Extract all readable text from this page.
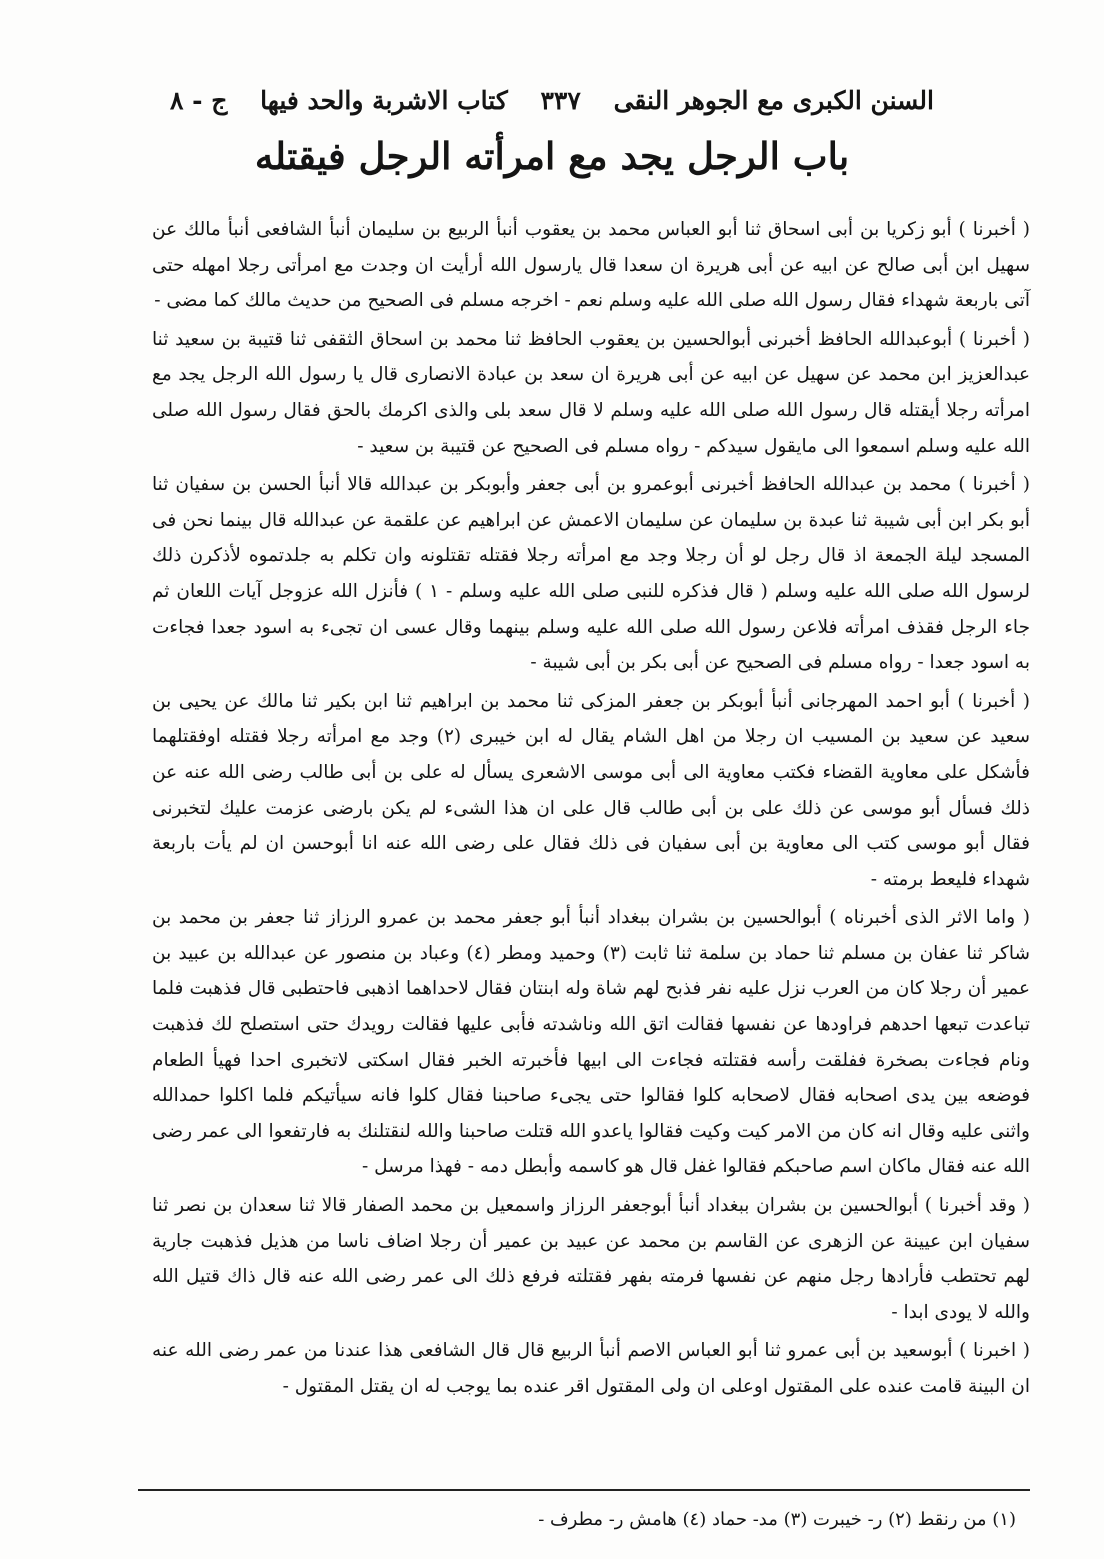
السنن الكبرى مع الجوهر النقى
٣٣٧
كتاب الاشربة والحد فيها
ج - ٨
باب الرجل يجد مع امرأته الرجل فيقتله

( أخبرنا ) أبو زكريا بن أبى اسحاق ثنا أبو العباس محمد بن يعقوب أنبأ الربيع بن سليمان أنبأ الشافعى أنبأ مالك عن سهيل ابن أبى صالح عن ابيه عن أبى هريرة ان سعدا قال يارسول الله أرأيت ان وجدت مع امرأتى رجلا امهله حتى آتى باربعة شهداء فقال رسول الله صلى الله عليه وسلم نعم - اخرجه مسلم فى الصحيح من حديث مالك كما مضى -

( أخبرنا ) أبوعبدالله الحافظ أخبرنى أبوالحسين بن يعقوب الحافظ ثنا محمد بن اسحاق الثقفى ثنا قتيبة بن سعيد ثنا عبدالعزيز ابن محمد عن سهيل عن ابيه عن أبى هريرة ان سعد بن عبادة الانصارى قال يا رسول الله الرجل يجد مع امرأته رجلا أيقتله قال رسول الله صلى الله عليه وسلم لا قال سعد بلى والذى اكرمك بالحق فقال رسول الله صلى الله عليه وسلم اسمعوا الى مايقول سيدكم - رواه مسلم فى الصحيح عن قتيبة بن سعيد -

( أخبرنا ) محمد بن عبدالله الحافظ أخبرنى أبوعمرو بن أبى جعفر وأبوبكر بن عبدالله قالا أنبأ الحسن بن سفيان ثنا أبو بكر ابن أبى شيبة ثنا عبدة بن سليمان عن سليمان الاعمش عن ابراهيم عن علقمة عن عبدالله قال بينما نحن فى المسجد ليلة الجمعة اذ قال رجل لو أن رجلا وجد مع امرأته رجلا فقتله تقتلونه وان تكلم به جلدتموه لأذكرن ذلك لرسول الله صلى الله عليه وسلم ( قال فذكره للنبى صلى الله عليه وسلم - ١ ) فأنزل الله عزوجل آيات اللعان ثم جاء الرجل فقذف امرأته فلاعن رسول الله صلى الله عليه وسلم بينهما وقال عسى ان تجىء به اسود جعدا فجاءت به اسود جعدا - رواه مسلم فى الصحيح عن أبى بكر بن أبى شيبة -

( أخبرنا ) أبو احمد المهرجانى أنبأ أبوبكر بن جعفر المزكى ثنا محمد بن ابراهيم ثنا ابن بكير ثنا مالك عن يحيى بن سعيد عن سعيد بن المسيب ان رجلا من اهل الشام يقال له ابن خيبرى (٢) وجد مع امرأته رجلا فقتله اوفقتلهما فأشكل على معاوية القضاء فكتب معاوية الى أبى موسى الاشعرى يسأل له على بن أبى طالب رضى الله عنه عن ذلك فسأل أبو موسى عن ذلك على بن أبى طالب قال على ان هذا الشىء لم يكن بارضى عزمت عليك لتخبرنى فقال أبو موسى كتب الى معاوية بن أبى سفيان فى ذلك فقال على رضى الله عنه انا أبوحسن ان لم يأت باربعة شهداء فليعط برمته -

( واما الاثر الذى أخبرناه ) أبوالحسين بن بشران ببغداد أنبأ أبو جعفر محمد بن عمرو الرزاز ثنا جعفر بن محمد بن شاكر ثنا عفان بن مسلم ثنا حماد بن سلمة ثنا ثابت (٣) وحميد ومطر (٤) وعباد بن منصور عن عبدالله بن عبيد بن عمير أن رجلا كان من العرب نزل عليه نفر فذبح لهم شاة وله ابنتان فقال لاحداهما اذهبى فاحتطبى قال فذهبت فلما تباعدت تبعها احدهم فراودها عن نفسها فقالت اتق الله وناشدته فأبى عليها فقالت رويدك حتى استصلح لك فذهبت ونام فجاءت بصخرة ففلقت رأسه فقتلته فجاءت الى ابيها فأخبرته الخبر فقال اسكتى لاتخبرى احدا فهيأ الطعام فوضعه بين يدى اصحابه فقال لاصحابه كلوا فقالوا حتى يجىء صاحبنا فقال كلوا فانه سيأتيكم فلما اكلوا حمدالله واثنى عليه وقال انه كان من الامر كيت وكيت فقالوا ياعدو الله قتلت صاحبنا والله لنقتلنك به فارتفعوا الى عمر رضى الله عنه فقال ماكان اسم صاحبكم فقالوا غفل قال هو كاسمه وأبطل دمه - فهذا مرسل -

( وقد أخبرنا ) أبوالحسين بن بشران ببغداد أنبأ أبوجعفر الرزاز واسمعيل بن محمد الصفار قالا ثنا سعدان بن نصر ثنا سفيان ابن عيينة عن الزهرى عن القاسم بن محمد عن عبيد بن عمير أن رجلا اضاف ناسا من هذيل فذهبت جارية لهم تحتطب فأرادها رجل منهم عن نفسها فرمته بفهر فقتلته فرفع ذلك الى عمر رضى الله عنه قال ذاك قتيل الله والله لا يودى ابدا -

( اخبرنا ) أبوسعيد بن أبى عمرو ثنا أبو العباس الاصم أنبأ الربيع قال قال الشافعى هذا عندنا من عمر رضى الله عنه ان البينة قامت عنده على المقتول اوعلى ان ولى المقتول اقر عنده بما يوجب له ان يقتل المقتول -

(١) من رنقط (٢) ر- خيبرت (٣) مد- حماد (٤) هامش ر- مطرف -
